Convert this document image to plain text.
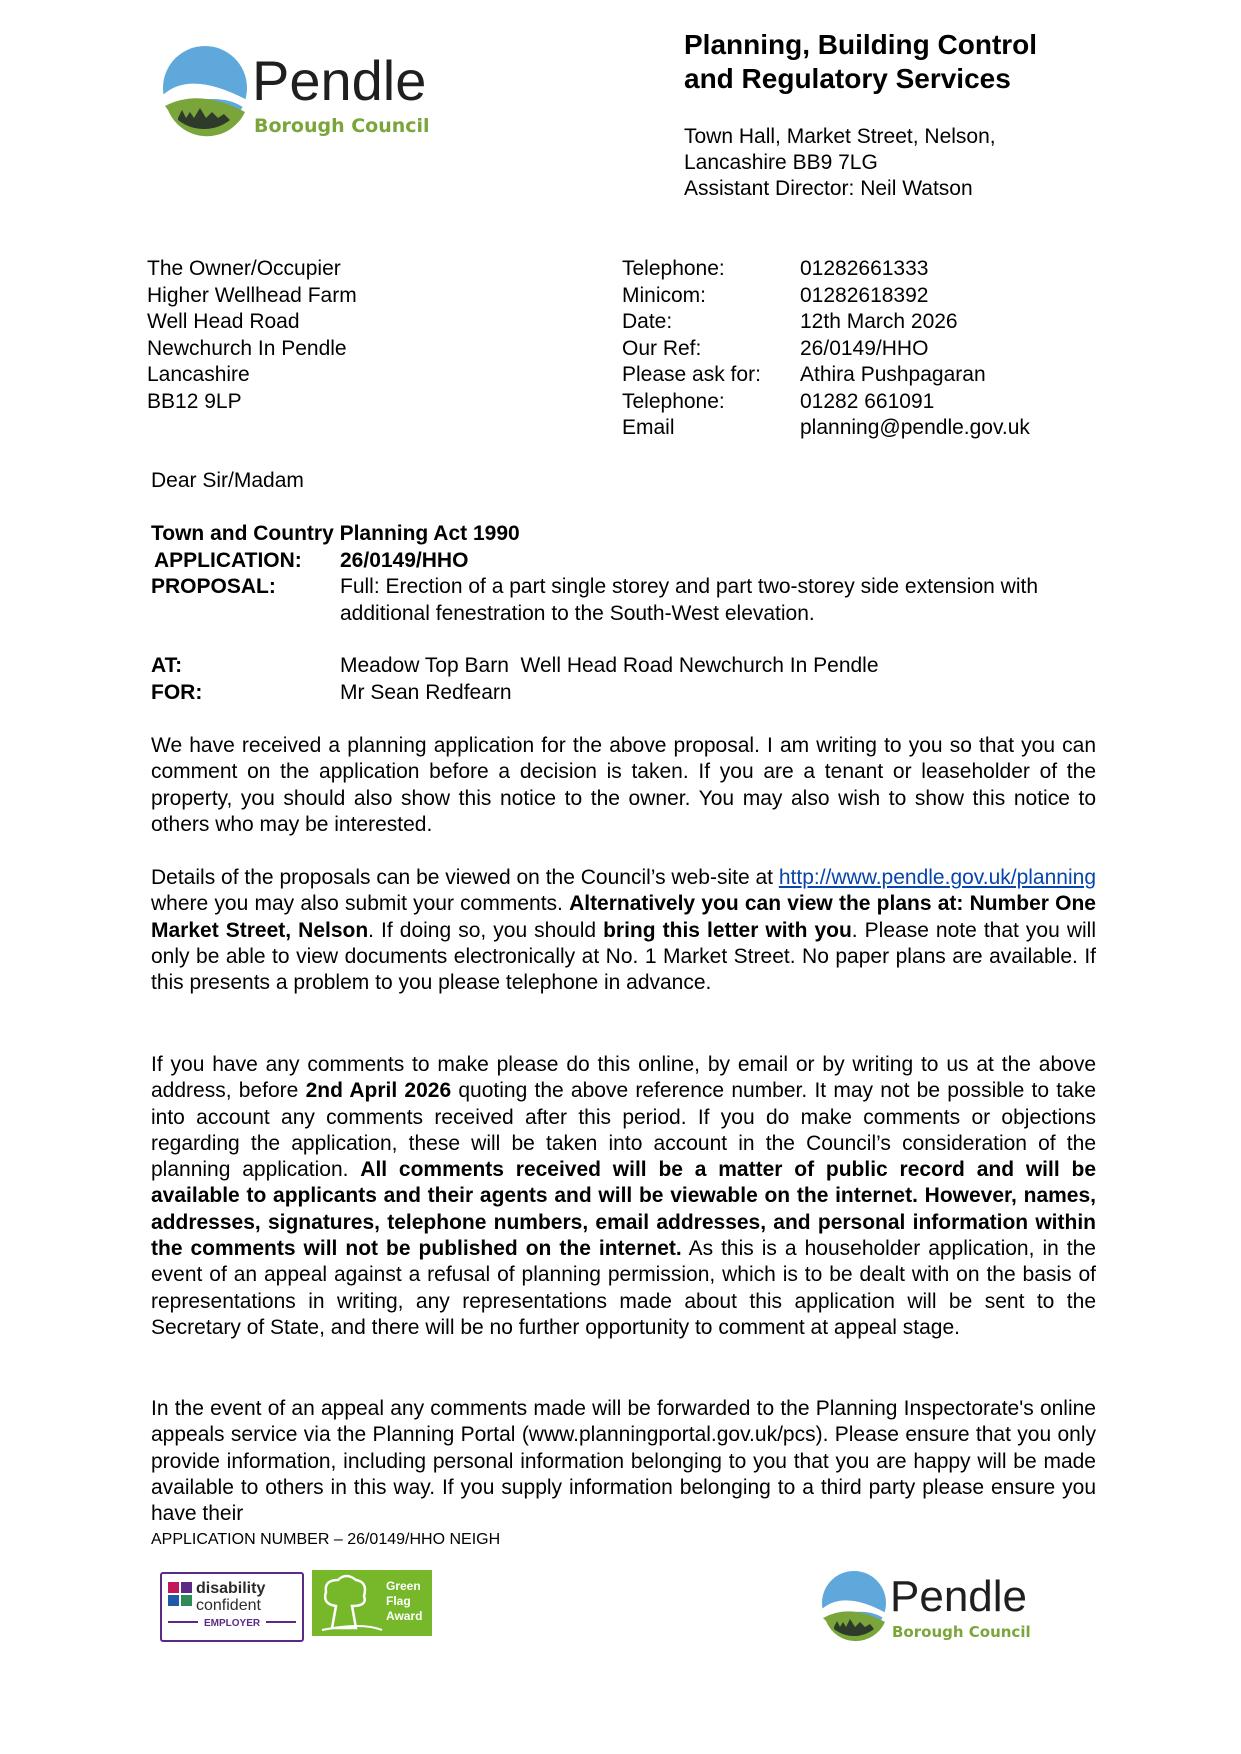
Pendle
Borough Council
Planning, Building Control
and Regulatory Services
Town Hall, Market Street, Nelson,
Lancashire BB9 7LG
Assistant Director: Neil Watson
The Owner/Occupier
Higher Wellhead Farm
Well Head Road
Newchurch In Pendle
Lancashire
BB12 9LP
Telephone:	01282661333
Minicom:	01282618392
Date:	12th March 2026
Our Ref:	26/0149/HHO
Please ask for:	Athira Pushpagaran
Telephone:	01282 661091
Email	planning@pendle.gov.uk
Dear Sir/Madam
Town and Country Planning Act 1990
APPLICATION:	26/0149/HHO
PROPOSAL:	Full: Erection of a part single storey and part two-storey side extension with additional fenestration to the South-West elevation.
AT:	Meadow Top Barn  Well Head Road Newchurch In Pendle
FOR:	Mr Sean Redfearn
We have received a planning application for the above proposal. I am writing to you so that you can comment on the application before a decision is taken. If you are a tenant or leaseholder of the property, you should also show this notice to the owner. You may also wish to show this notice to others who may be interested.
Details of the proposals can be viewed on the Council’s web-site at http://www.pendle.gov.uk/planning where you may also submit your comments. Alternatively you can view the plans at: Number One Market Street, Nelson. If doing so, you should bring this letter with you. Please note that you will only be able to view documents electronically at No. 1 Market Street. No paper plans are available. If this presents a problem to you please telephone in advance.
If you have any comments to make please do this online, by email or by writing to us at the above address, before 2nd April 2026 quoting the above reference number. It may not be possible to take into account any comments received after this period. If you do make comments or objections regarding the application, these will be taken into account in the Council’s consideration of the planning application. All comments received will be a matter of public record and will be available to applicants and their agents and will be viewable on the internet. However, names, addresses, signatures, telephone numbers, email addresses, and personal information within the comments will not be published on the internet. As this is a householder application, in the event of an appeal against a refusal of planning permission, which is to be dealt with on the basis of representations in writing, any representations made about this application will be sent to the Secretary of State, and there will be no further opportunity to comment at appeal stage.
In the event of an appeal any comments made will be forwarded to the Planning Inspectorate's online appeals service via the Planning Portal (www.planningportal.gov.uk/pcs). Please ensure that you only provide information, including personal information belonging to you that you are happy will be made available to others in this way. If you supply information belonging to a third party please ensure you have their
APPLICATION NUMBER – 26/0149/HHO NEIGH
disability
confident
EMPLOYER
Green
Flag
Award	Pendle
Borough Council
